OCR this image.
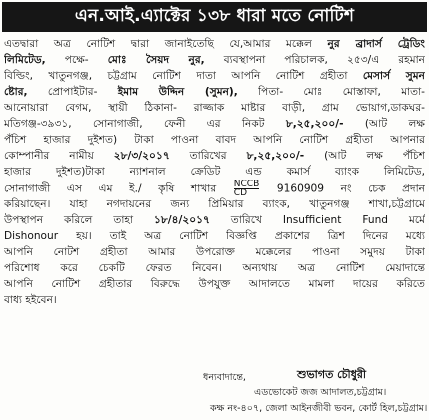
এন.আই.এ্যাক্টের ১৩৮ ধারা মতে নোটিশ
এতদ্বারা অত্র নোটিশ দ্বারা জানাইতেছি যে,আমার মক্কেল নুর ব্রাদার্স ট্রেডিং
লিমিটেড, পক্ষে- মোঃ সৈয়দ নুর, ব্যবস্থাপনা পরিচালক, ২৫৩/এ রহমান
বিল্ডিং, খাতুনগঞ্জ, চট্টগ্রাম নোটিশ দাতা আপনি নোটিশ গ্রহীতা মেসার্স সুমন
ষ্টোর, প্রোপাইটার- ইমাম উদ্দিন (সুমন), পিতা- মোঃ মোস্তাফা, মাতা-
আনোয়ারা বেগম, স্থায়ী ঠিকানা- রাজ্জাক মাষ্টার বাড়ী, গ্রাম ভোয়াগ,ডাকঘর-
মতিগঞ্জ-৩৯৩১, সোনাগাজী, ফেনী এর নিকট ৮,২৫,২০০/- (আট লক্ষ
পঁচিশ হাজার দুইশত) টাকা পাওনা বাবদ আপনি নোটিশ গ্রহীতা আপনার
কোম্পানীর নামীয় ২৮/৩/২০১৭ তারিখের ৮,২৫,২০০/- (আট লক্ষ পঁচিশ
হাজার দুইশত)টাকা ন্যাশনাল ক্রেডিট এন্ড কমার্স ব্যাংক লিমিটেড,
সোনাগাজী এস এম ই./ কৃষি শাখার NCCB
CD	9160909 নং চেক প্রদান
করিয়াছেন। যাহা নগদায়নের জন্য প্রিমিয়ার ব্যাংক, খাতুনগঞ্জ শাখা,চট্টগ্রামে
উপস্থাপন করিলে তাহা ১৮/৪/২০১৭ তারিখে Insufficient Fund মর্মে
Dishonour হয়। তাই অত্র নোটিশ বিজ্ঞপ্তি প্রকাশের ত্রিশ দিনের মধ্যে
আপনি নোটশ গ্রহীতা আমার উপরোক্ত মক্কেলের পাওনা সমুদয় টাকা
পরিশোধ করে চেকটি ফেরত নিবেন। অন্যথায় অত্র নোটিশ মেয়াদান্তে
আপনি নোটিশ গ্রহীতার বিরুদ্ধে উপযুক্ত আদালতে মামলা দায়ের করিতে
বাধ্য হইবেন।
ধন্যবাদান্তে,	শুভাগত চৌধুরী
এডভোকেট জজ আদালত,চট্টগ্রাম।
কক্ষ নং-৪০৭, জেলা আইনজীবী ভবন, কোর্ট হিল,চট্টগ্রাম।
